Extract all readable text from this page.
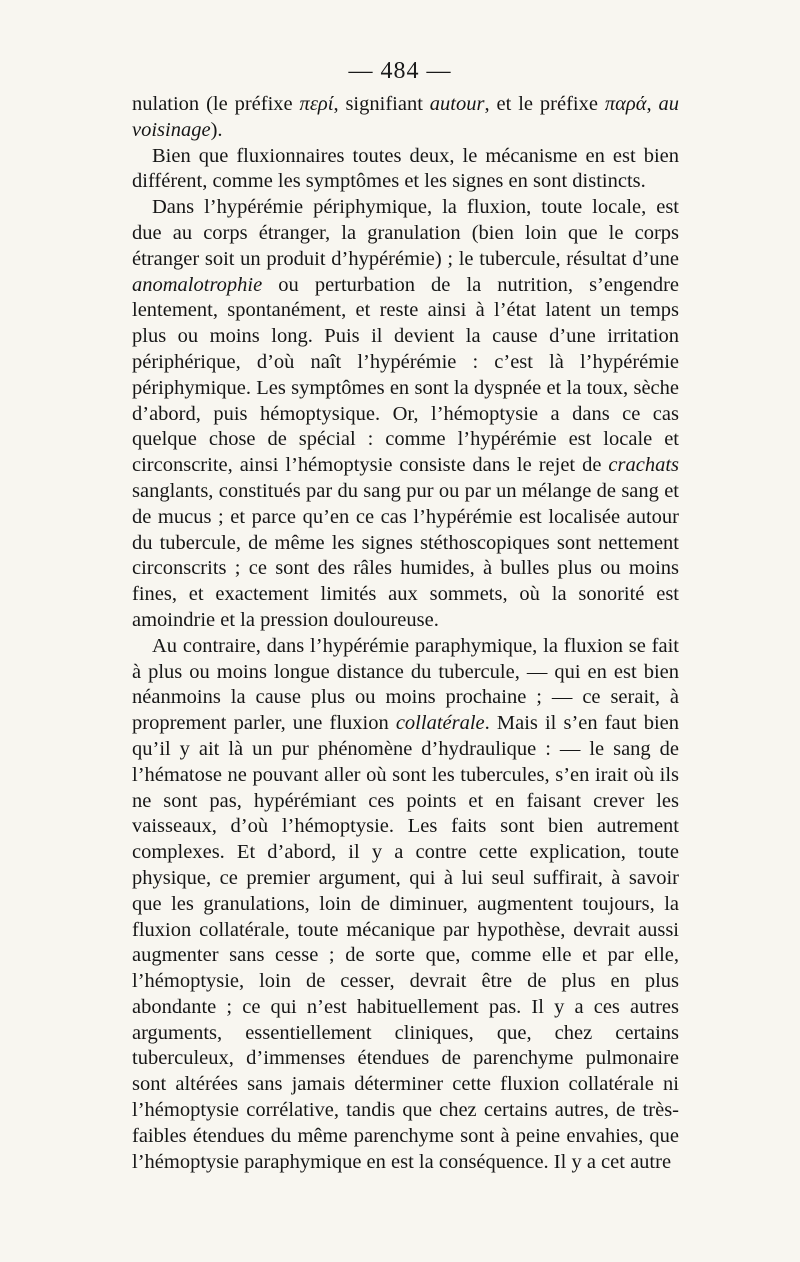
— 484 —

nulation (le préfixe περί, signifiant autour, et le préfixe παρά, au voisinage).

Bien que fluxionnaires toutes deux, le mécanisme en est bien différent, comme les symptômes et les signes en sont distincts.

Dans l’hypérémie périphymique, la fluxion, toute locale, est due au corps étranger, la granulation (bien loin que le corps étranger soit un produit d’hypérémie) ; le tubercule, résultat d’une anomalotrophie ou perturbation de la nutrition, s’engendre lentement, spontanément, et reste ainsi à l’état latent un temps plus ou moins long. Puis il devient la cause d’une irritation périphérique, d’où naît l’hypérémie : c’est là l’hypérémie périphymique. Les symptômes en sont la dyspnée et la toux, sèche d’abord, puis hémoptysique. Or, l’hémoptysie a dans ce cas quelque chose de spécial : comme l’hypérémie est locale et circonscrite, ainsi l’hémoptysie consiste dans le rejet de crachats sanglants, constitués par du sang pur ou par un mélange de sang et de mucus ; et parce qu’en ce cas l’hypérémie est localisée autour du tubercule, de même les signes stéthoscopiques sont nettement circonscrits ; ce sont des râles humides, à bulles plus ou moins fines, et exactement limités aux sommets, où la sonorité est amoindrie et la pression douloureuse.

Au contraire, dans l’hypérémie paraphymique, la fluxion se fait à plus ou moins longue distance du tubercule, — qui en est bien néanmoins la cause plus ou moins prochaine ; — ce serait, à proprement parler, une fluxion collatérale. Mais il s’en faut bien qu’il y ait là un pur phénomène d’hydraulique : — le sang de l’hématose ne pouvant aller où sont les tubercules, s’en irait où ils ne sont pas, hypérémiant ces points et en faisant crever les vaisseaux, d’où l’hémoptysie. Les faits sont bien autrement complexes. Et d’abord, il y a contre cette explication, toute physique, ce premier argument, qui à lui seul suffirait, à savoir que les granulations, loin de diminuer, augmentent toujours, la fluxion collatérale, toute mécanique par hypothèse, devrait aussi augmenter sans cesse ; de sorte que, comme elle et par elle, l’hémoptysie, loin de cesser, devrait être de plus en plus abondante ; ce qui n’est habituellement pas. Il y a ces autres arguments, essentiellement cliniques, que, chez certains tuberculeux, d’immenses étendues de parenchyme pulmonaire sont altérées sans jamais déterminer cette fluxion collatérale ni l’hémoptysie corrélative, tandis que chez certains autres, de très-faibles étendues du même parenchyme sont à peine envahies, que l’hémoptysie paraphymique en est la conséquence. Il y a cet autre
